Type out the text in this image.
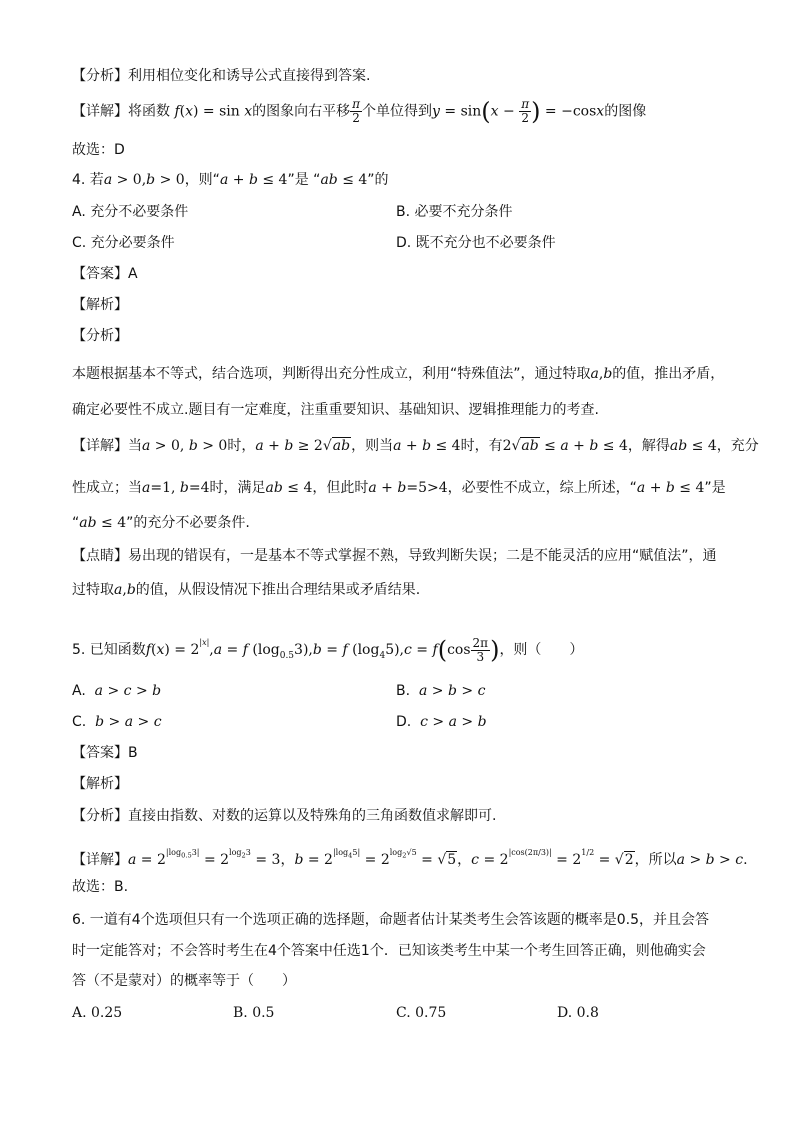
【分析】利用相位变化和诱导公式直接得到答案.
【详解】将函数 f(x) = sin x的图象向右平移 $\frac{\pi}{2}$ 个单位得到$y = \sin(x - \frac{\pi}{2}$ ) = −cosx的图像
故选：D
4. 若a > 0,b > 0，则“a + b ≤ 4”是 “ab ≤ 4”的
A. 充分不必要条件	B. 必要不充分条件
C. 充分必要条件	D. 既不充分也不必要条件
【答案】A
【解析】
【分析】
本题根据基本不等式，结合选项，判断得出充分性成立，利用“特殊值法”，通过特取a,b的值，推出矛盾，
确定必要性不成立.题目有一定难度，注重重要知识、基础知识、逻辑推理能力的考查.
【详解】当a > 0, b > 0时，a + b ≥ 2√ab，则当a + b ≤ 4时，有2√ab ≤ a + b ≤ 4，解得ab ≤ 4，充分
性成立；当a=1, b=4时，满足ab ≤ 4，但此时a + b=5>4，必要性不成立，综上所述，“a + b ≤ 4”是
“ab ≤ 4”的充分不必要条件.
【点睛】易出现的错误有，一是基本不等式掌握不熟，导致判断失误；二是不能灵活的应用“赋值法”，通
过特取a,b的值，从假设情况下推出合理结果或矛盾结果.
5. 已知函数$f(x) = 2^{|x|},a = f$ $(\log_{0.5}3),b = f$ $(\log_45),c = f(\cos \frac{2\pi}{3}$ )，则（　　）
A.  a > c > b	B.  a > b > c
C.  b > a > c	D.  c > a > b
【答案】B
【解析】
【分析】直接由指数、对数的运算以及特殊角的三角函数值求解即可.
【详解】$a = 2^{|log_{0.5}3|} = 2^{log_23} = 3$，$b = 2^{|log_45|} = 2^{log_2√5} = √5$，$c = 2^{|cos(2\pi/3)|} = 2^{1/2} = √2$，所以a > b > c.
故选：B.
6. 一道有4个选项但只有一个选项正确的选择题，命题者估计某类考生会答该题的概率是0.5，并且会答
时一定能答对；不会答时考生在4个答案中任选1个．已知该类考生中某一个考生回答正确，则他确实会
答（不是蒙对）的概率等于（　　）
A. 0.25	B. 0.5	C. 0.75	D. 0.8
